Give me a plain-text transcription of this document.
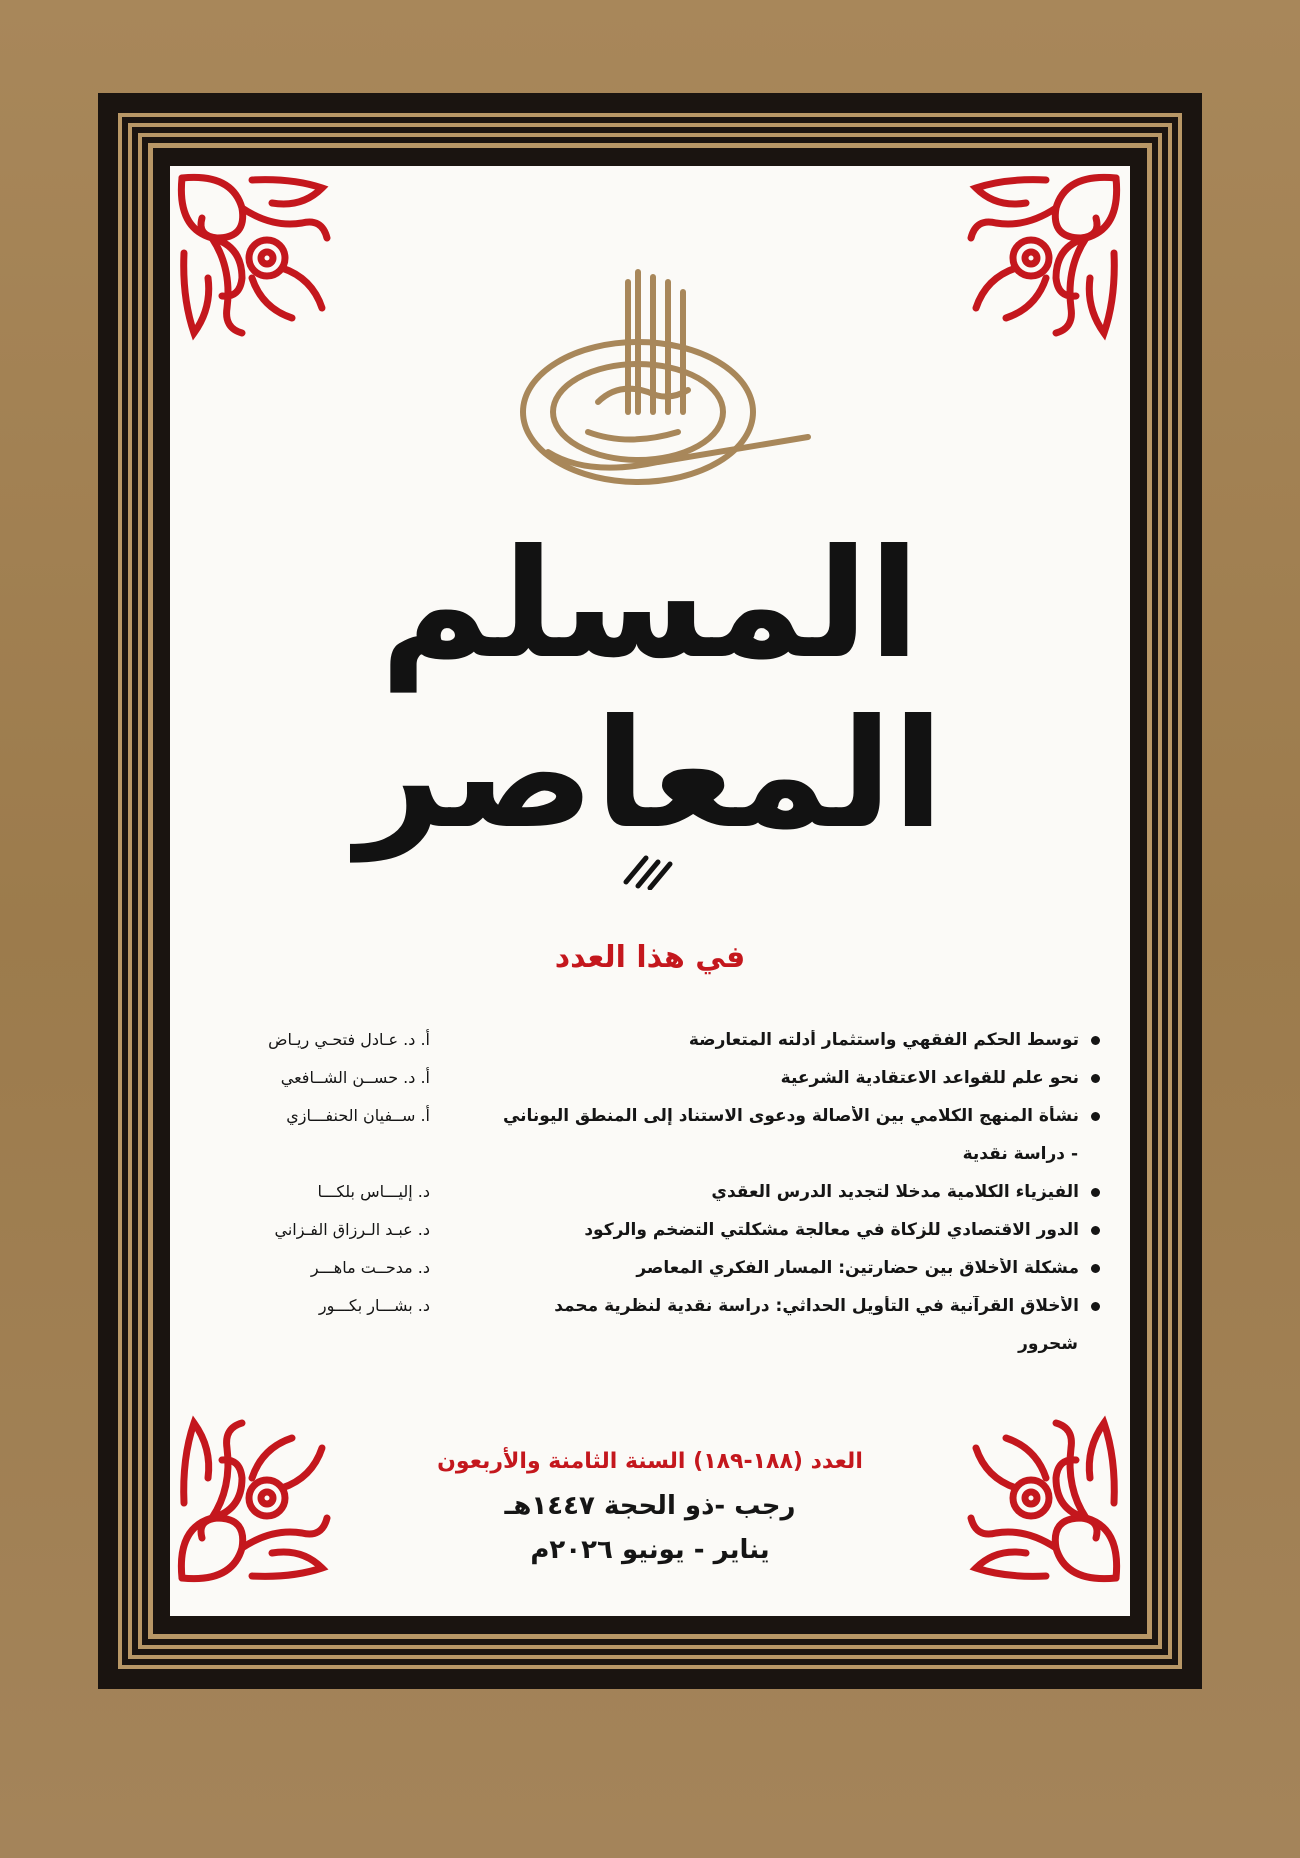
المسلم
المعاصر
في هذا العدد
توسط الحكم الفقهي واستثمار أدلته المتعارضة
أ. د. عـادل فتحـي ريـاض
نحو علم للقواعد الاعتقادية الشرعية
أ. د. حســن الشــافعي
نشأة المنهج الكلامي بين الأصالة ودعوى الاستناد إلى المنطق اليوناني
أ. ســفيان الحنفـــازي
- دراسة نقدية
الفيزياء الكلامية مدخلا لتجديد الدرس العقدي
د. إليـــاس بلكـــا
الدور الاقتصادي للزكاة في معالجة مشكلتي التضخم والركود
د. عبـد الـرزاق الفـزاني
مشكلة الأخلاق بين حضارتين: المسار الفكري المعاصر
د. مدحــت ماهـــر
الأخلاق القرآنية في التأويل الحداثي: دراسة نقدية لنظرية محمد
د. بشـــار بكـــور
شحرور
العدد (١٨٨-١٨٩) السنة الثامنة والأربعون
رجب -ذو الحجة ١٤٤٧هـ
يناير - يونيو ٢٠٢٦م
